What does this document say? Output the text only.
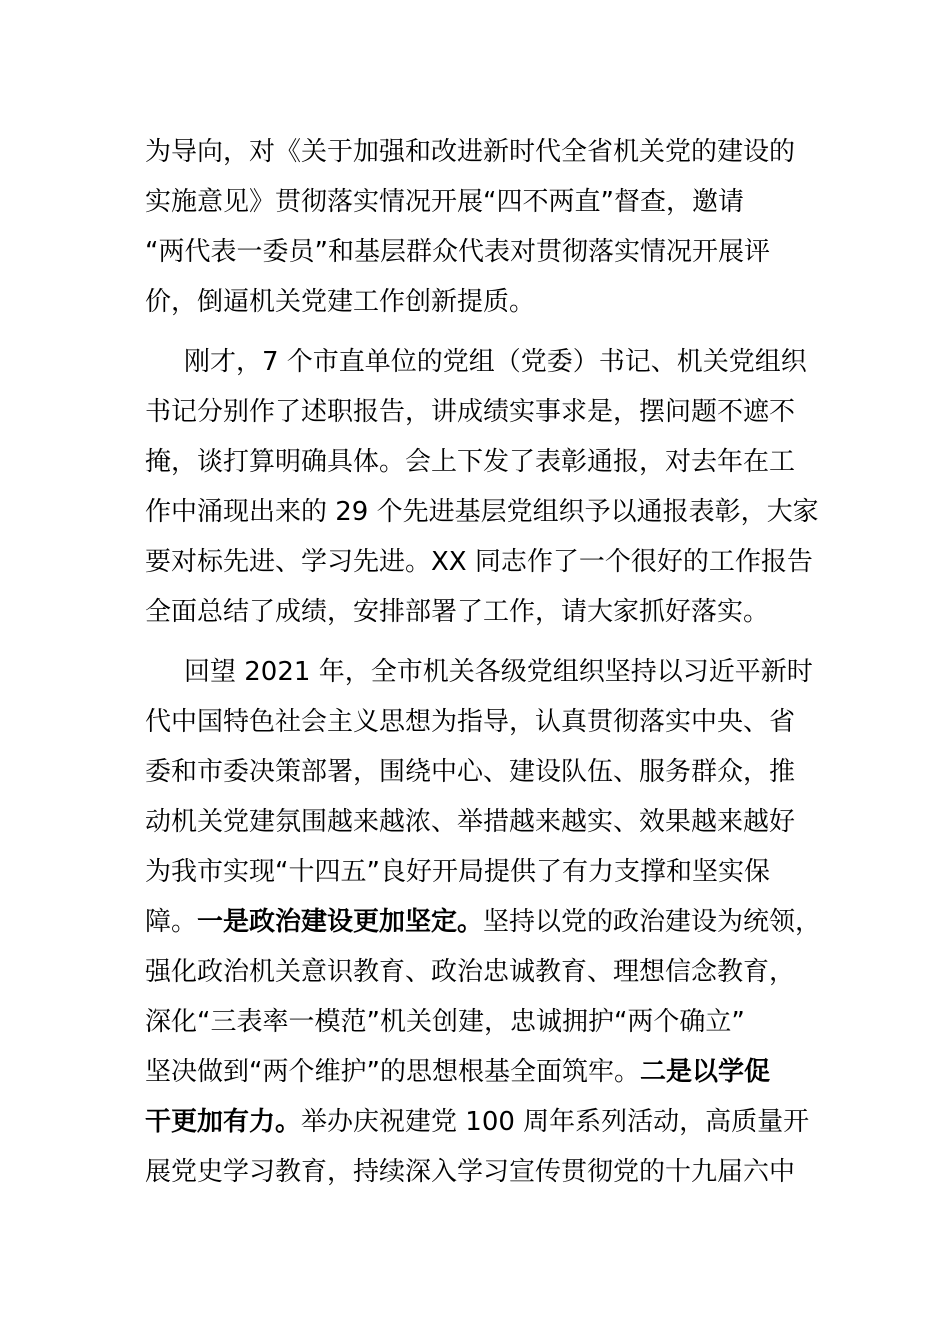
为导向，对《关于加强和改进新时代全省机关党的建设的
实施意见》贯彻落实情况开展“四不两直”督查，邀请
“两代表一委员”和基层群众代表对贯彻落实情况开展评
价，倒逼机关党建工作创新提质。
刚才，7 个市直单位的党组（党委）书记、机关党组织
书记分别作了述职报告，讲成绩实事求是，摆问题不遮不
掩，谈打算明确具体。会上下发了表彰通报，对去年在工
作中涌现出来的 29 个先进基层党组织予以通报表彰，大家
要对标先进、学习先进。XX 同志作了一个很好的工作报告
全面总结了成绩，安排部署了工作，请大家抓好落实。
回望 2021 年，全市机关各级党组织坚持以习近平新时
代中国特色社会主义思想为指导，认真贯彻落实中央、省
委和市委决策部署，围绕中心、建设队伍、服务群众，推
动机关党建氛围越来越浓、举措越来越实、效果越来越好
为我市实现“十四五”良好开局提供了有力支撑和坚实保
障。一是政治建设更加坚定。坚持以党的政治建设为统领，
强化政治机关意识教育、政治忠诚教育、理想信念教育，
深化“三表率一模范”机关创建，忠诚拥护“两个确立”
坚决做到“两个维护”的思想根基全面筑牢。二是以学促
干更加有力。举办庆祝建党 100 周年系列活动，高质量开
展党史学习教育，持续深入学习宣传贯彻党的十九届六中
